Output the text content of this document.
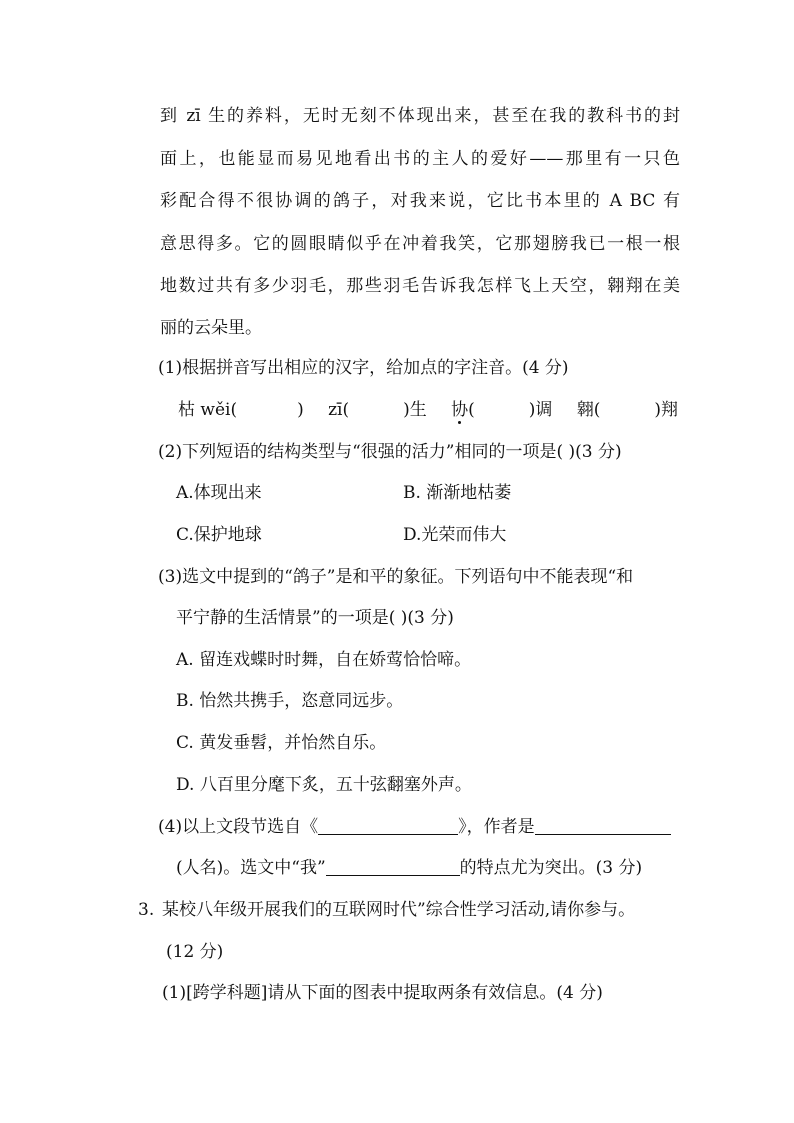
到 zī 生的养料，无时无刻不体现出来，甚至在我的教科书的封
面上，也能显而易见地看出书的主人的爱好——那里有一只色
彩配合得不很协调的鸽子，对我来说，它比书本里的 A BC 有
意思得多。它的圆眼睛似乎在冲着我笑，它那翅膀我已一根一根
地数过共有多少羽毛，那些羽毛告诉我怎样飞上天空，翱翔在美
丽的云朵里。
(1)根据拼音写出相应的汉字，给加点的字注音。(4 分)
枯 wěi(	) zī(	)生 协(	)调 翱(	)翔
(2)下列短语的结构类型与“很强的活力”相同的一项是( )(3 分)
A.体现出来	B. 渐渐地枯萎
C.保护地球	D.光荣而伟大
(3)选文中提到的“鸽子”是和平的象征。下列语句中不能表现“和
平宁静的生活情景”的一项是( )(3 分)
A. 留连戏蝶时时舞，自在娇莺恰恰啼。
B. 怡然共携手，恣意同远步。
C. 黄发垂髫，并怡然自乐。
D. 八百里分麾下炙，五十弦翻塞外声。
(4)以上文段节选自《	》，作者是
(人名)。选文中“我”	的特点尤为突出。(3 分)
3. 某校八年级开展我们的互联网时代”综合性学习活动,请你参与。
(12 分)
(1)[跨学科题]请从下面的图表中提取两条有效信息。(4 分)
